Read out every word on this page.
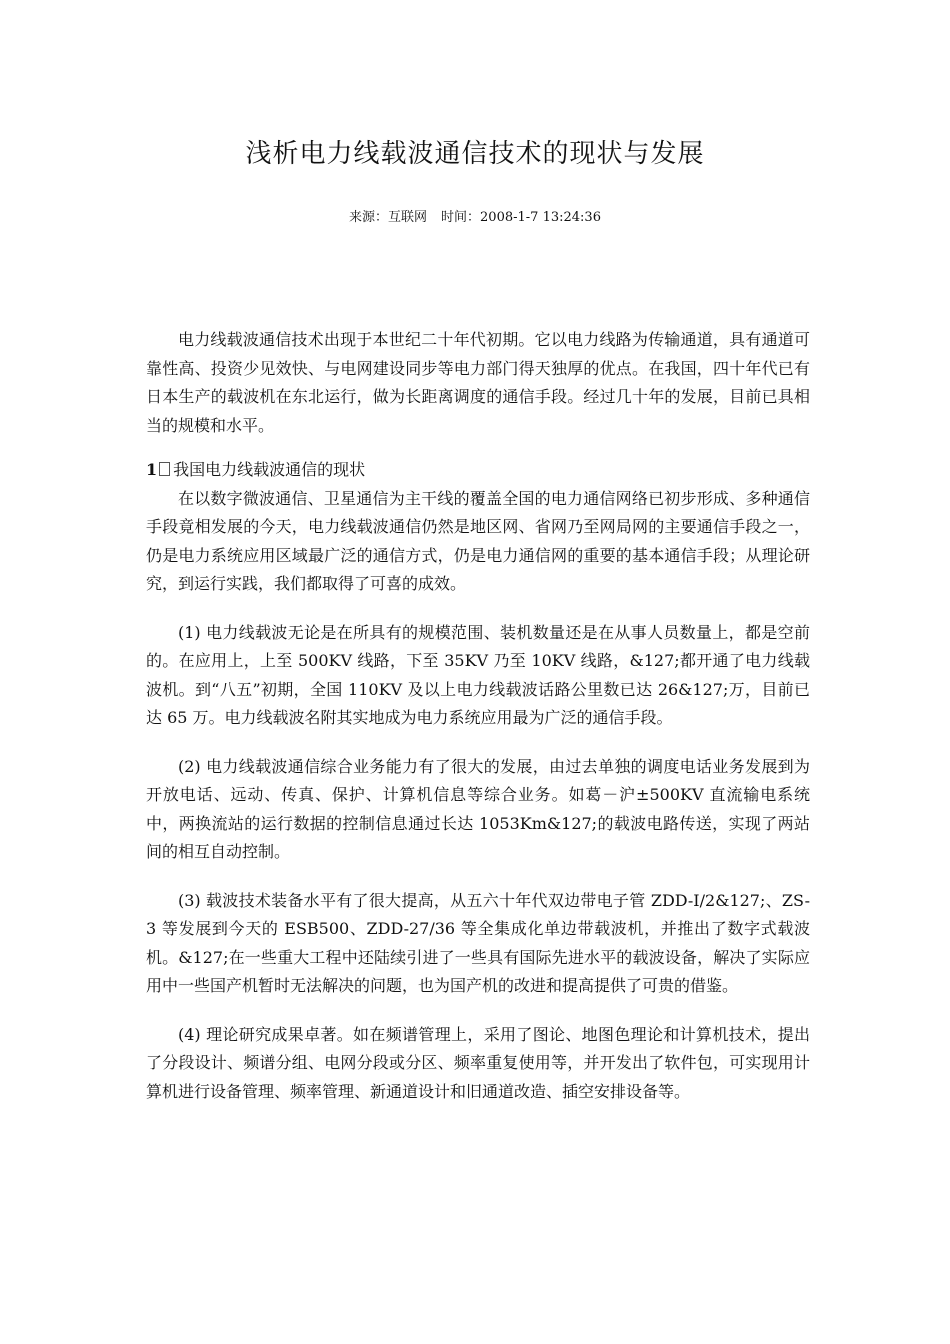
浅析电力线载波通信技术的现状与发展
来源：互联网 时间：2008-1-7 13:24:36

电力线载波通信技术出现于本世纪二十年代初期。它以电力线路为传输通道，具有通道可靠性高、投资少见效快、与电网建设同步等电力部门得天独厚的优点。在我国，四十年代已有日本生产的载波机在东北运行，做为长距离调度的通信手段。经过几十年的发展，目前已具相当的规模和水平。

1 我国电力线载波通信的现状

在以数字微波通信、卫星通信为主干线的覆盖全国的电力通信网络已初步形成、多种通信手段竟相发展的今天，电力线载波通信仍然是地区网、省网乃至网局网的主要通信手段之一，仍是电力系统应用区域最广泛的通信方式，仍是电力通信网的重要的基本通信手段；从理论研究，到运行实践，我们都取得了可喜的成效。

(1) 电力线载波无论是在所具有的规模范围、装机数量还是在从事人员数量上，都是空前的。在应用上，上至 500KV 线路，下至 35KV 乃至 10KV 线路，&127;都开通了电力线载波机。到“八五”初期，全国 110KV 及以上电力线载波话路公里数已达 26&127;万，目前已达 65 万。电力线载波名附其实地成为电力系统应用最为广泛的通信手段。

(2) 电力线载波通信综合业务能力有了很大的发展，由过去单独的调度电话业务发展到为开放电话、远动、传真、保护、计算机信息等综合业务。如葛－沪±500KV 直流输电系统中，两换流站的运行数据的控制信息通过长达 1053Km&127;的载波电路传送，实现了两站间的相互自动控制。

(3) 载波技术装备水平有了很大提高，从五六十年代双边带电子管 ZDD-I/2&127;、ZS-3 等发展到今天的 ESB500、ZDD-27/36 等全集成化单边带载波机，并推出了数字式载波机。&127;在一些重大工程中还陆续引进了一些具有国际先进水平的载波设备，解决了实际应用中一些国产机暂时无法解决的问题，也为国产机的改进和提高提供了可贵的借鉴。

(4) 理论研究成果卓著。如在频谱管理上，采用了图论、地图色理论和计算机技术，提出了分段设计、频谱分组、电网分段或分区、频率重复使用等，并开发出了软件包，可实现用计算机进行设备管理、频率管理、新通道设计和旧通道改造、插空安排设备等。
